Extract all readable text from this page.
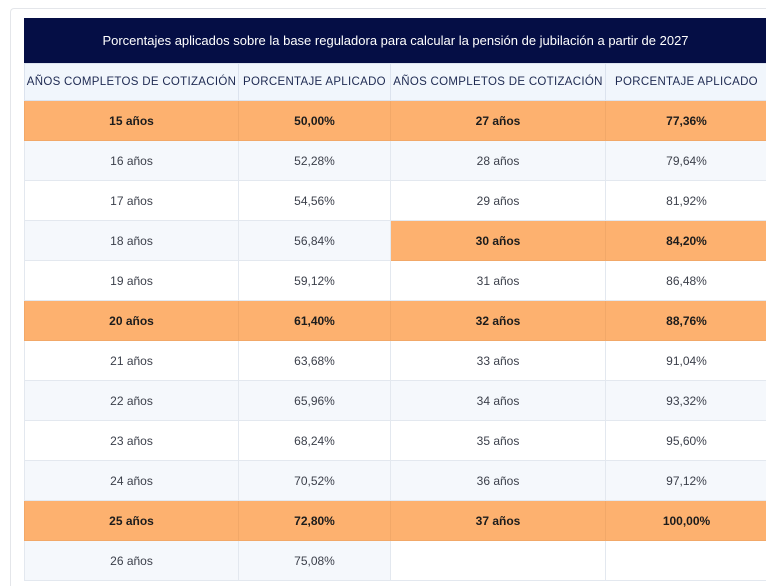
Porcentajes aplicados sobre la base reguladora para calcular la pensión de jubilación a partir de 2027
AÑOS COMPLETOS DE COTIZACIÓN	PORCENTAJE APLICADO	AÑOS COMPLETOS DE COTIZACIÓN	PORCENTAJE APLICADO
15 años	50,00%	27 años	77,36%
16 años	52,28%	28 años	79,64%
17 años	54,56%	29 años	81,92%
18 años	56,84%	30 años	84,20%
19 años	59,12%	31 años	86,48%
20 años	61,40%	32 años	88,76%
21 años	63,68%	33 años	91,04%
22 años	65,96%	34 años	93,32%
23 años	68,24%	35 años	95,60%
24 años	70,52%	36 años	97,12%
25 años	72,80%	37 años	100,00%
26 años	75,08%		
